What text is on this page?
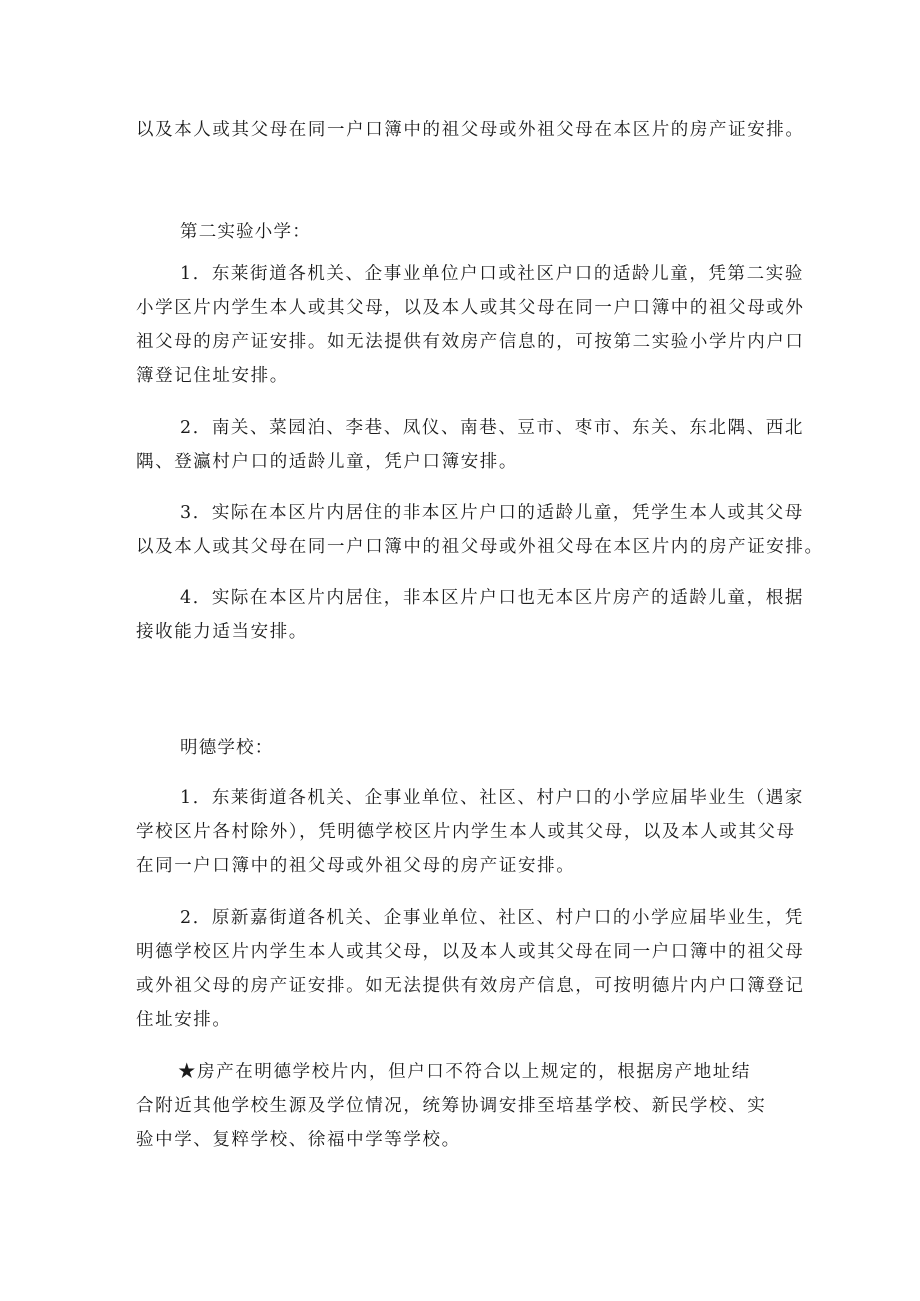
以及本人或其父母在同一户口簿中的祖父母或外祖父母在本区片的房产证安排。
第二实验小学：
1．东莱街道各机关、企事业单位户口或社区户口的适龄儿童，凭第二实验
小学区片内学生本人或其父母，以及本人或其父母在同一户口簿中的祖父母或外
祖父母的房产证安排。如无法提供有效房产信息的，可按第二实验小学片内户口
簿登记住址安排。
2．南关、菜园泊、李巷、凤仪、南巷、豆市、枣市、东关、东北隅、西北
隅、登瀛村户口的适龄儿童，凭户口簿安排。
3．实际在本区片内居住的非本区片户口的适龄儿童，凭学生本人或其父母
以及本人或其父母在同一户口簿中的祖父母或外祖父母在本区片内的房产证安排。
4．实际在本区片内居住，非本区片户口也无本区片房产的适龄儿童，根据
接收能力适当安排。
明德学校：
1．东莱街道各机关、企事业单位、社区、村户口的小学应届毕业生（遇家
学校区片各村除外），凭明德学校区片内学生本人或其父母，以及本人或其父母
在同一户口簿中的祖父母或外祖父母的房产证安排。
2．原新嘉街道各机关、企事业单位、社区、村户口的小学应届毕业生，凭
明德学校区片内学生本人或其父母，以及本人或其父母在同一户口簿中的祖父母
或外祖父母的房产证安排。如无法提供有效房产信息，可按明德片内户口簿登记
住址安排。
★房产在明德学校片内，但户口不符合以上规定的，根据房产地址结
合附近其他学校生源及学位情况，统筹协调安排至培基学校、新民学校、实
验中学、复粹学校、徐福中学等学校。
